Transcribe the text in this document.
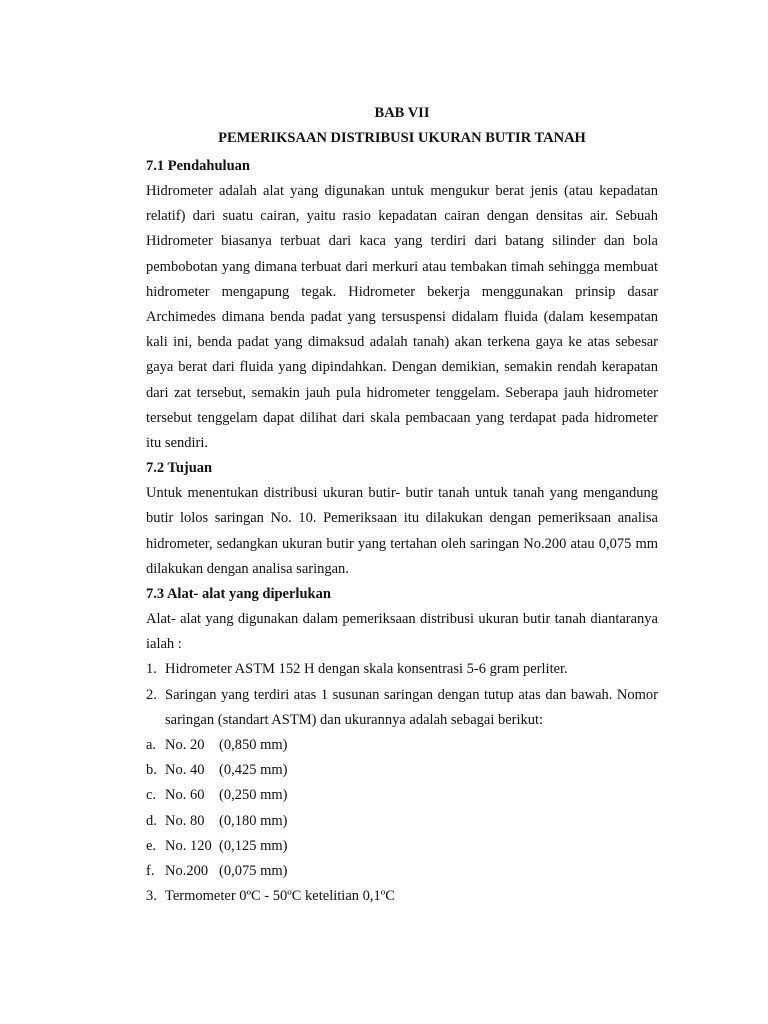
BAB VII

PEMERIKSAAN DISTRIBUSI UKURAN BUTIR TANAH

7.1 Pendahuluan

Hidrometer adalah alat yang digunakan untuk mengukur berat jenis (atau kepadatan relatif) dari suatu cairan, yaitu rasio kepadatan cairan dengan densitas air. Sebuah Hidrometer biasanya terbuat dari kaca yang terdiri dari batang silinder dan bola pembobotan yang dimana terbuat dari merkuri atau tembakan timah sehingga membuat hidrometer mengapung tegak. Hidrometer bekerja menggunakan prinsip dasar Archimedes dimana benda padat yang tersuspensi didalam fluida (dalam kesempatan kali ini, benda padat yang dimaksud adalah tanah) akan terkena gaya ke atas sebesar gaya berat dari fluida yang dipindahkan. Dengan demikian, semakin rendah kerapatan dari zat tersebut, semakin jauh pula hidrometer tenggelam. Seberapa jauh hidrometer tersebut tenggelam dapat dilihat dari skala pembacaan yang terdapat pada hidrometer itu sendiri.

7.2 Tujuan

Untuk menentukan distribusi ukuran butir- butir tanah untuk tanah yang mengandung butir lolos saringan No. 10. Pemeriksaan itu dilakukan dengan pemeriksaan analisa hidrometer, sedangkan ukuran butir yang tertahan oleh saringan No.200 atau 0,075 mm dilakukan dengan analisa saringan.

7.3 Alat- alat yang diperlukan

Alat- alat yang digunakan dalam pemeriksaan distribusi ukuran butir tanah diantaranya ialah :

1. Hidrometer ASTM 152 H dengan skala konsentrasi 5-6 gram perliter.
2. Saringan yang terdiri atas 1 susunan saringan dengan tutup atas dan bawah. Nomor saringan (standart ASTM) dan ukurannya adalah sebagai berikut:
a. No. 20 (0,850 mm)
b. No. 40 (0,425 mm)
c. No. 60 (0,250 mm)
d. No. 80 (0,180 mm)
e. No. 120 (0,125 mm)
f. No.200 (0,075 mm)
3. Termometer 0ºC - 50ºC ketelitian 0,1ºC
